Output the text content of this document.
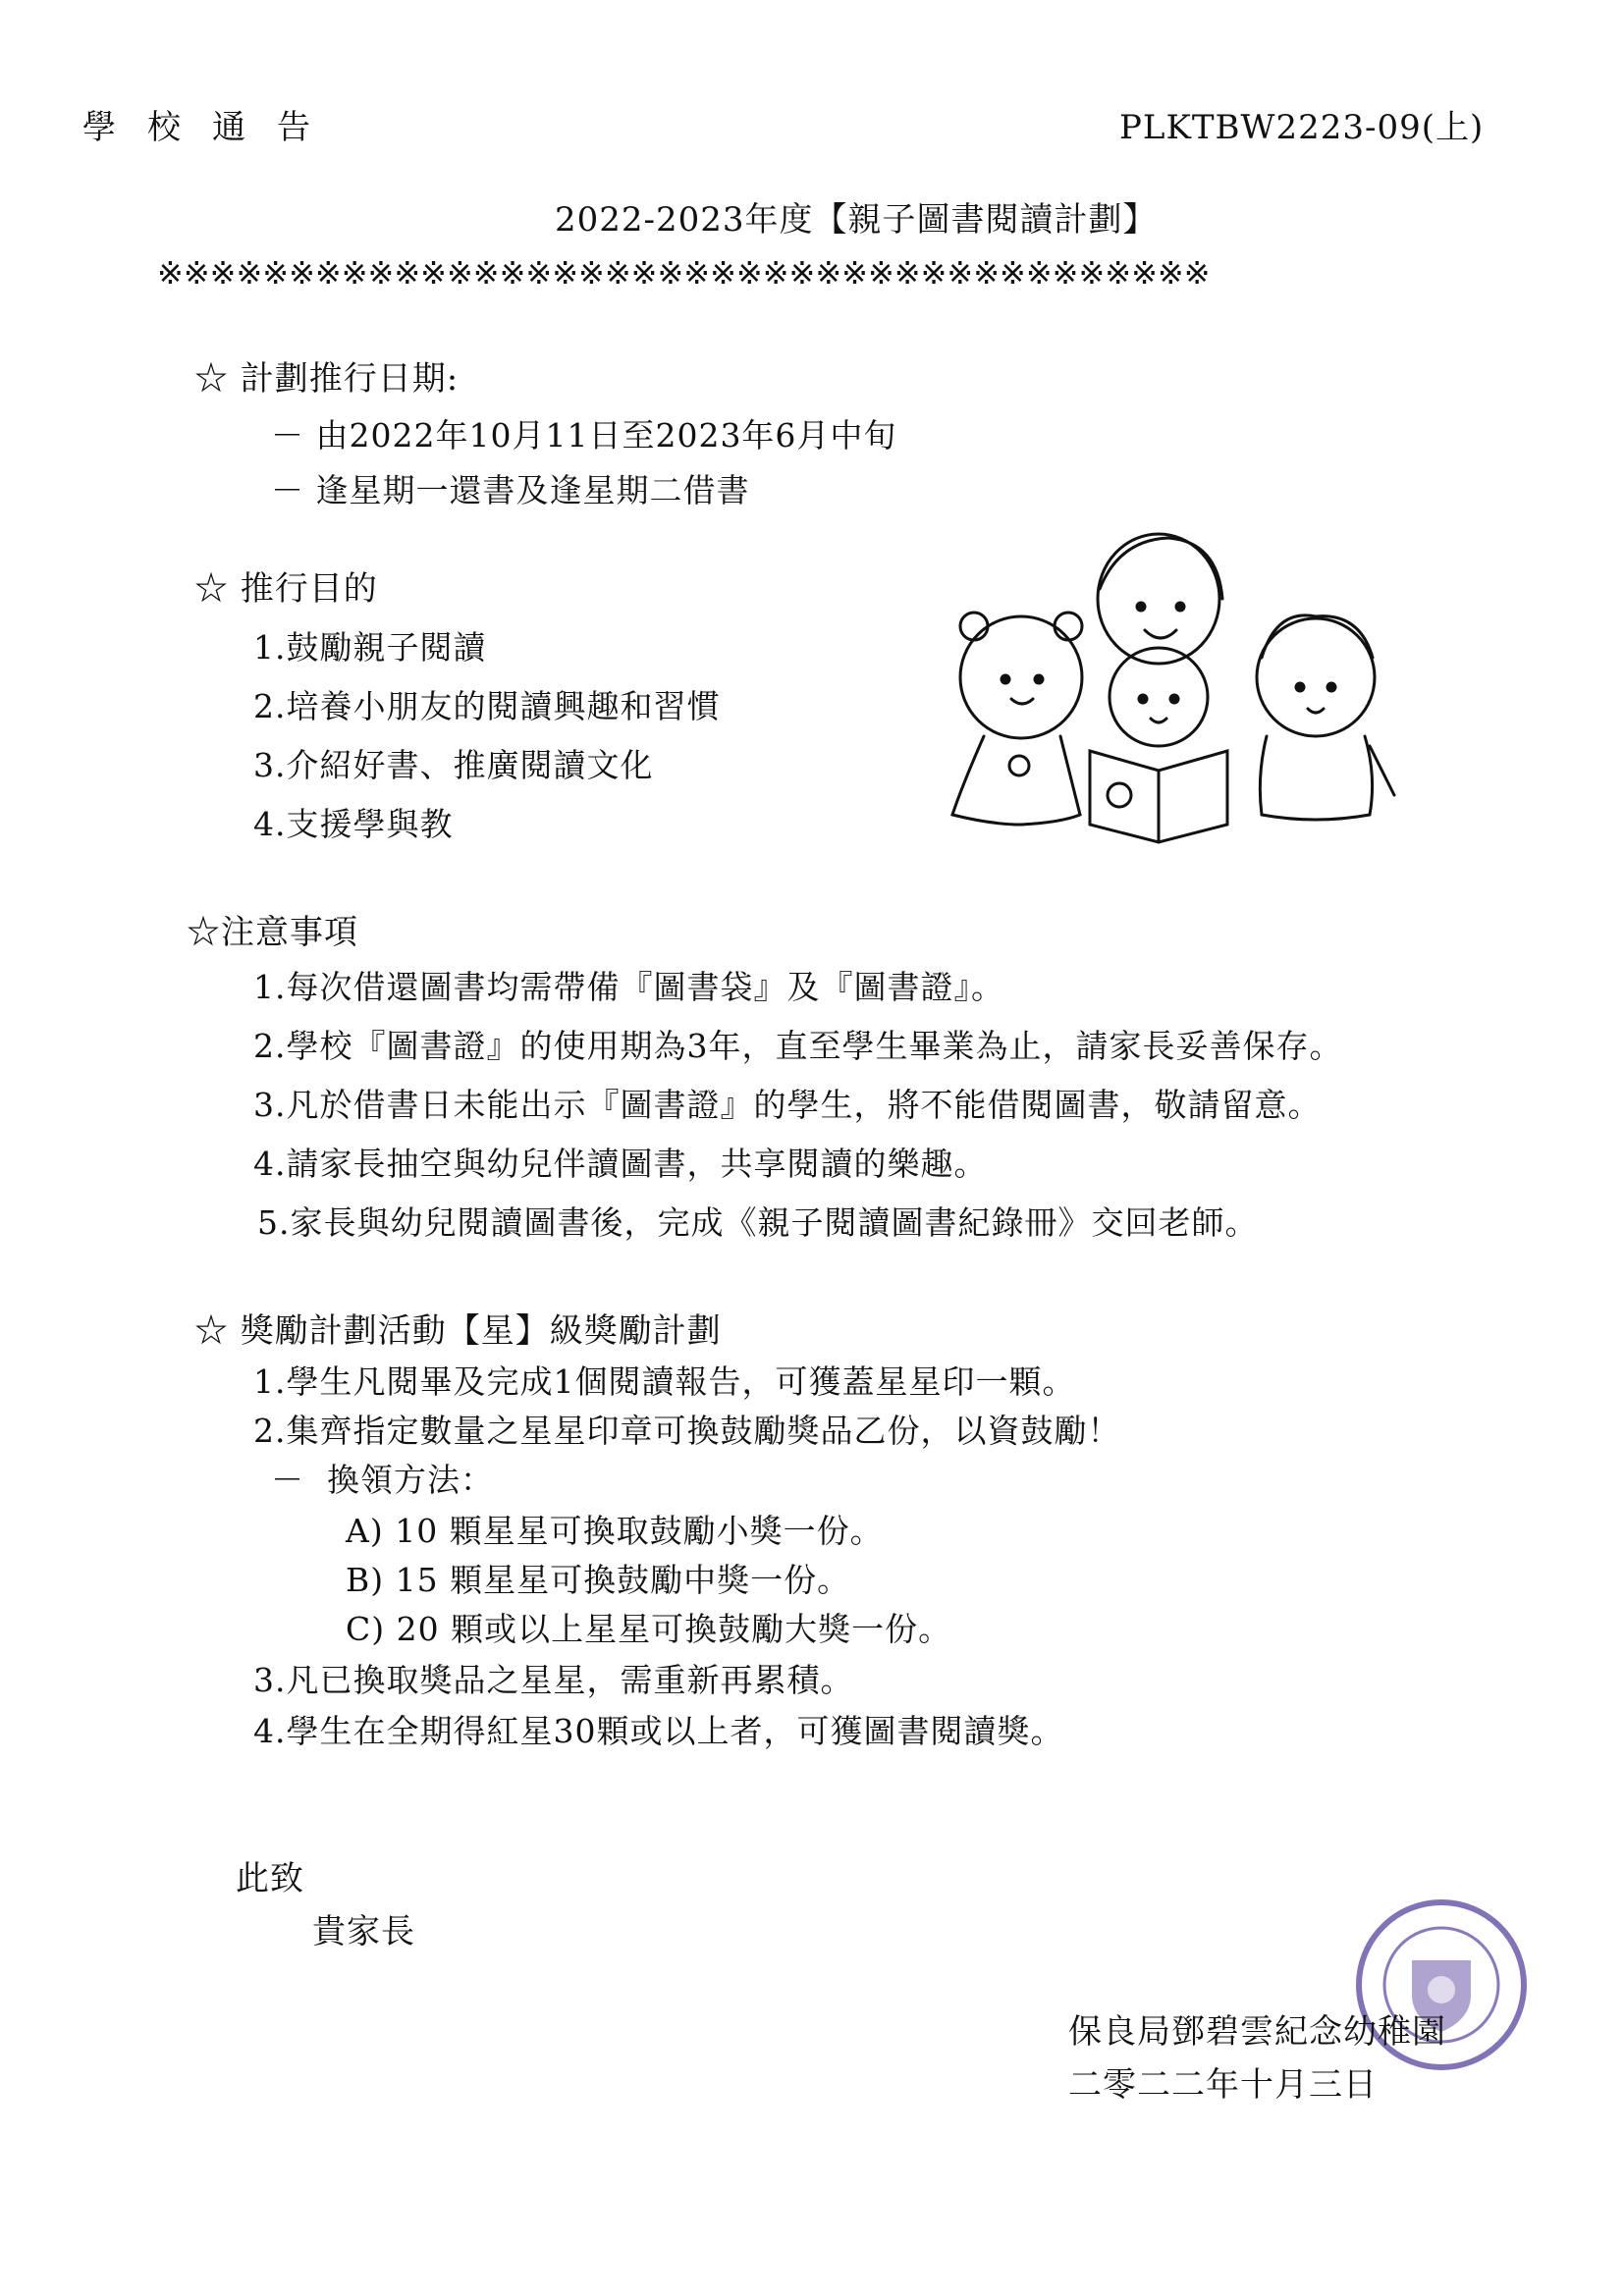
學校通告	PLKTBW2223-09(上)
2022-2023年度【親子圖書閱讀計劃】
※※※※※※※※※※※※※※※※※※※※※※※※※※※※※※※※※※※※※※※※
☆ 計劃推行日期:
－ 由2022年10月11日至2023年6月中旬
－ 逢星期一還書及逢星期二借書
☆ 推行目的
1.鼓勵親子閱讀
2.培養小朋友的閱讀興趣和習慣
3.介紹好書、推廣閱讀文化
4.支援學與教
☆注意事項
1.每次借還圖書均需帶備『圖書袋』及『圖書證』。
2.學校『圖書證』的使用期為3年，直至學生畢業為止，請家長妥善保存。
3.凡於借書日未能出示『圖書證』的學生，將不能借閱圖書，敬請留意。
4.請家長抽空與幼兒伴讀圖書，共享閱讀的樂趣。
5.家長與幼兒閱讀圖書後，完成《親子閱讀圖書紀錄冊》交回老師。
☆ 獎勵計劃活動【星】級獎勵計劃
1.學生凡閱畢及完成1個閱讀報告，可獲蓋星星印一顆。
2.集齊指定數量之星星印章可換鼓勵獎品乙份，以資鼓勵！
－  換領方法：
A) 10 顆星星可換取鼓勵小獎一份。
B) 15 顆星星可換鼓勵中獎一份。
C) 20 顆或以上星星可換鼓勵大獎一份。
3.凡已換取獎品之星星，需重新再累積。
4.學生在全期得紅星30顆或以上者，可獲圖書閱讀獎。
此致
貴家長
保良局鄧碧雲紀念幼稚園
二零二二年十月三日
